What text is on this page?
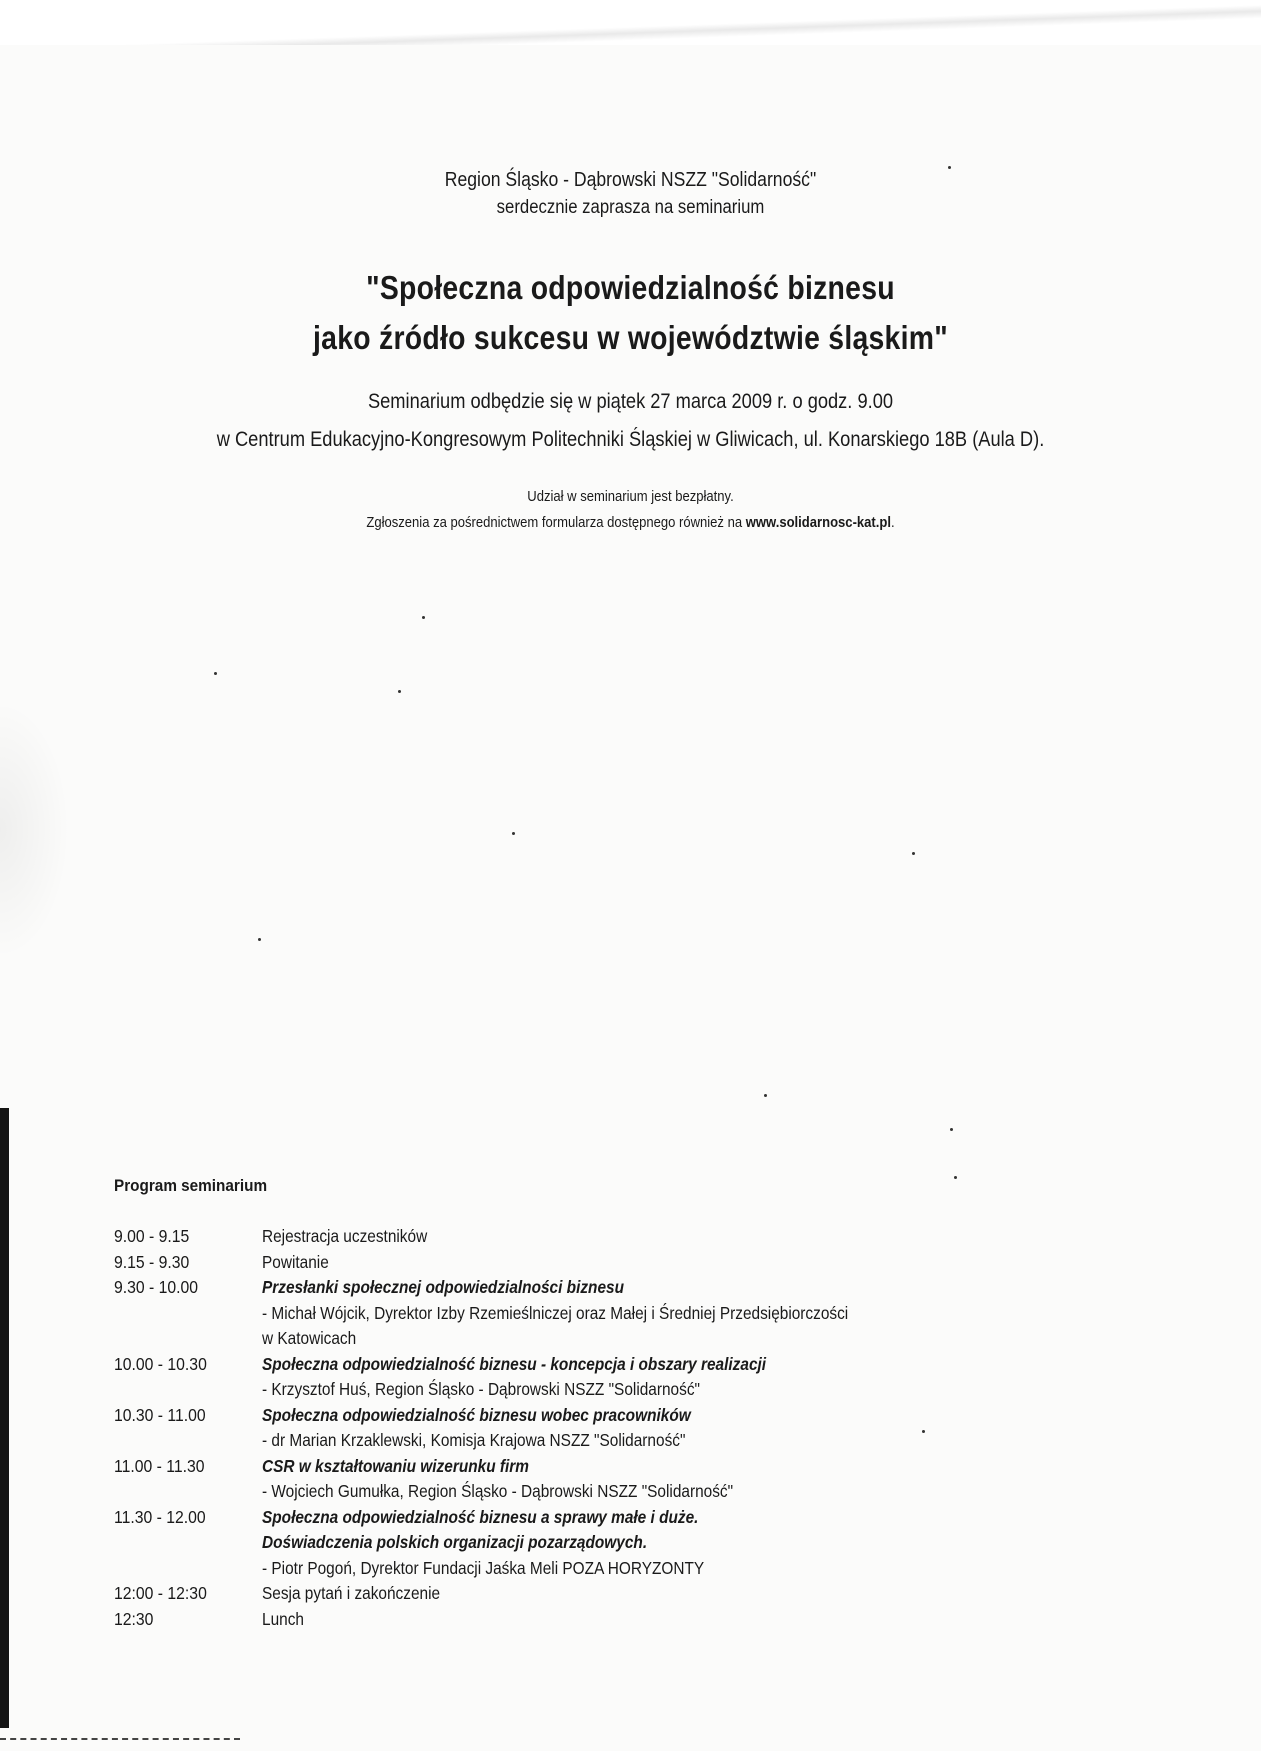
Region Śląsko - Dąbrowski NSZZ "Solidarność"
serdecznie zaprasza na seminarium
"Społeczna odpowiedzialność biznesu
jako źródło sukcesu w województwie śląskim"
Seminarium odbędzie się w piątek 27 marca 2009 r. o godz. 9.00
w Centrum Edukacyjno-Kongresowym Politechniki Śląskiej w Gliwicach, ul. Konarskiego 18B (Aula D).
Udział w seminarium jest bezpłatny.
Zgłoszenia za pośrednictwem formularza dostępnego również na www.solidarnosc-kat.pl.
Program seminarium
9.00 - 9.15	Rejestracja uczestników
9.15 - 9.30	Powitanie
9.30 - 10.00	Przesłanki społecznej odpowiedzialności biznesu
- Michał Wójcik, Dyrektor Izby Rzemieślniczej oraz Małej i Średniej Przedsiębiorczości
w Katowicach
10.00 - 10.30	Społeczna odpowiedzialność biznesu - koncepcja i obszary realizacji
- Krzysztof Huś, Region Śląsko - Dąbrowski NSZZ "Solidarność"
10.30 - 11.00	Społeczna odpowiedzialność biznesu wobec pracowników
- dr Marian Krzaklewski, Komisja Krajowa NSZZ "Solidarność"
11.00 - 11.30	CSR w kształtowaniu wizerunku firm
- Wojciech Gumułka, Region Śląsko - Dąbrowski NSZZ "Solidarność"
11.30 - 12.00	Społeczna odpowiedzialność biznesu a sprawy małe i duże.
Doświadczenia polskich organizacji pozarządowych.
- Piotr Pogoń, Dyrektor Fundacji Jaśka Meli POZA HORYZONTY
12:00 - 12:30	Sesja pytań i zakończenie
12:30	Lunch
